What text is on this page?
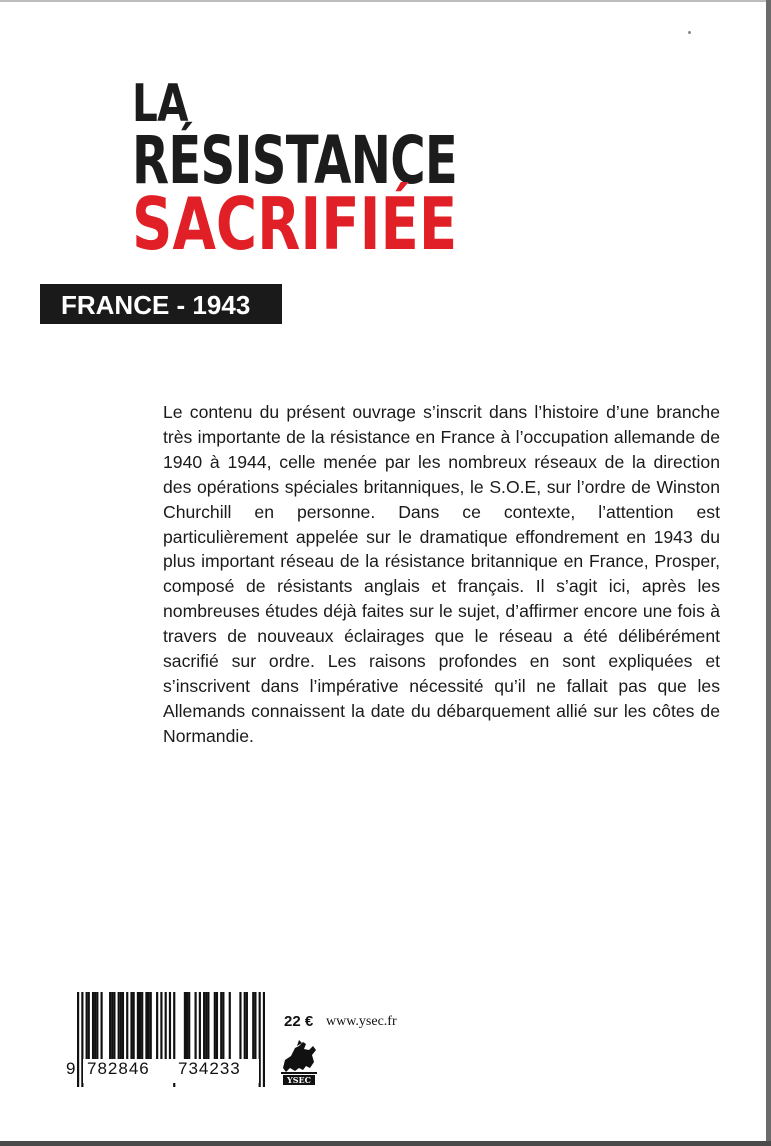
LA
RÉSISTANCE
SACRIFIÉE
FRANCE - 1943

Le contenu du présent ouvrage s’inscrit dans l’histoire d’une branche très importante de la résistance en France à l’occupation allemande de 1940 à 1944, celle menée par les nombreux réseaux de la direction des opérations spéciales britanniques, le S.O.E, sur l’ordre de Winston Churchill en personne. Dans ce contexte, l’attention est particulièrement appelée sur le dramatique effondrement en 1943 du plus important réseau de la résistance britannique en France, Prosper, composé de résistants anglais et français. Il s’agit ici, après les nombreuses études déjà faites sur le sujet, d’affirmer encore une fois à travers de nouveaux éclairages que le réseau a été délibérément sacrifié sur ordre. Les raisons profondes en sont expliquées et s’inscrivent dans l’impérative nécessité qu’il ne fallait pas que les Allemands connaissent la date du débarquement allié sur les côtes de Normandie.

9 782846 734233
22 € www.ysec.fr
YSEC
